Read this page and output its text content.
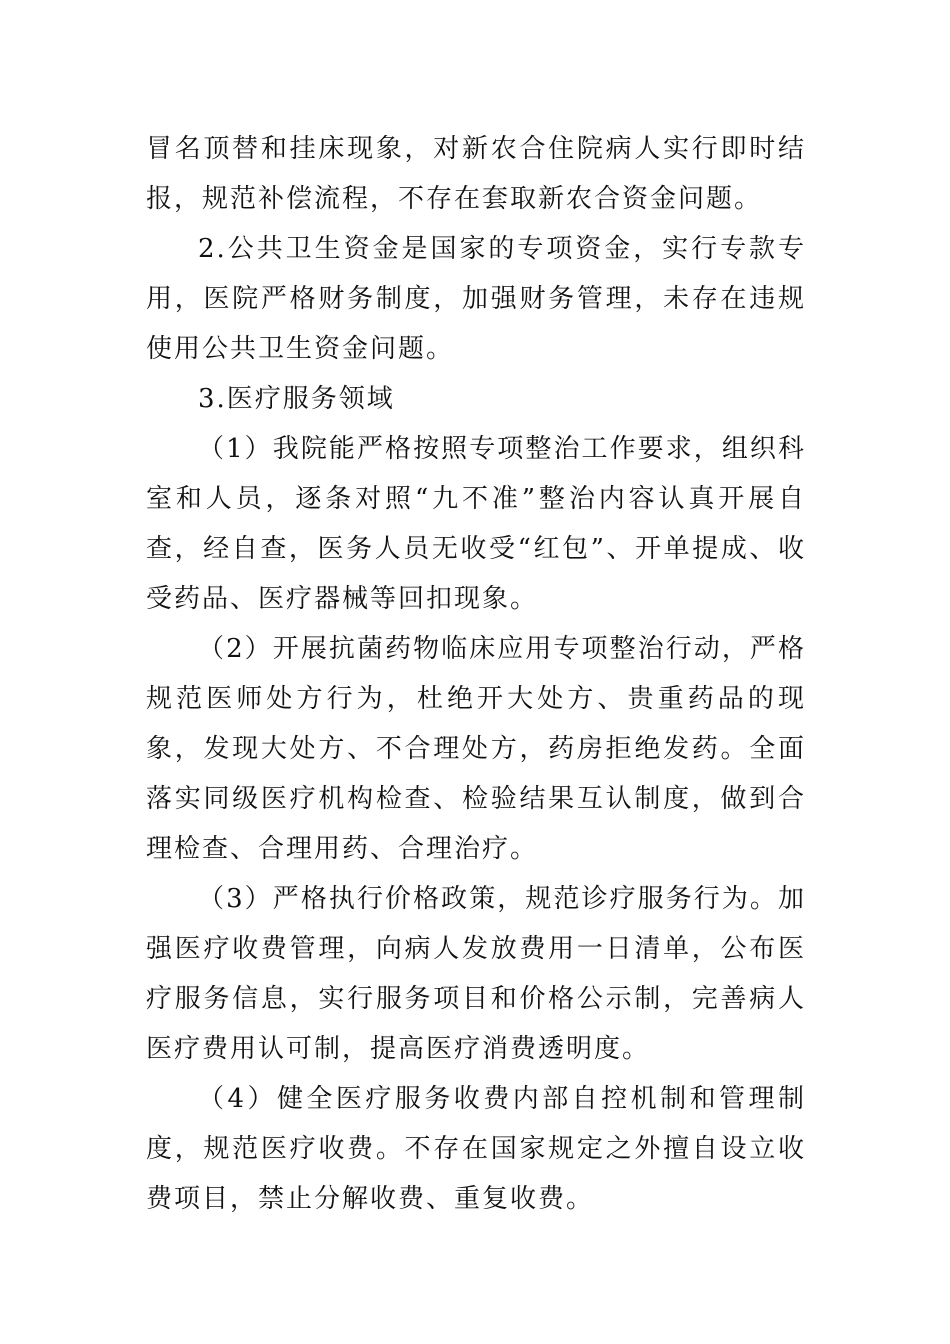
冒名顶替和挂床现象，对新农合住院病人实行即时结报，规范补偿流程，不存在套取新农合资金问题。

2.公共卫生资金是国家的专项资金，实行专款专用，医院严格财务制度，加强财务管理，未存在违规使用公共卫生资金问题。

3.医疗服务领域

（1）我院能严格按照专项整治工作要求，组织科室和人员，逐条对照“九不准”整治内容认真开展自查，经自查，医务人员无收受“红包”、开单提成、收受药品、医疗器械等回扣现象。

（2）开展抗菌药物临床应用专项整治行动，严格规范医师处方行为，杜绝开大处方、贵重药品的现象，发现大处方、不合理处方，药房拒绝发药。全面落实同级医疗机构检查、检验结果互认制度，做到合理检查、合理用药、合理治疗。

（3）严格执行价格政策，规范诊疗服务行为。加强医疗收费管理，向病人发放费用一日清单，公布医疗服务信息，实行服务项目和价格公示制，完善病人医疗费用认可制，提高医疗消费透明度。

（4）健全医疗服务收费内部自控机制和管理制度，规范医疗收费。不存在国家规定之外擅自设立收费项目，禁止分解收费、重复收费。
